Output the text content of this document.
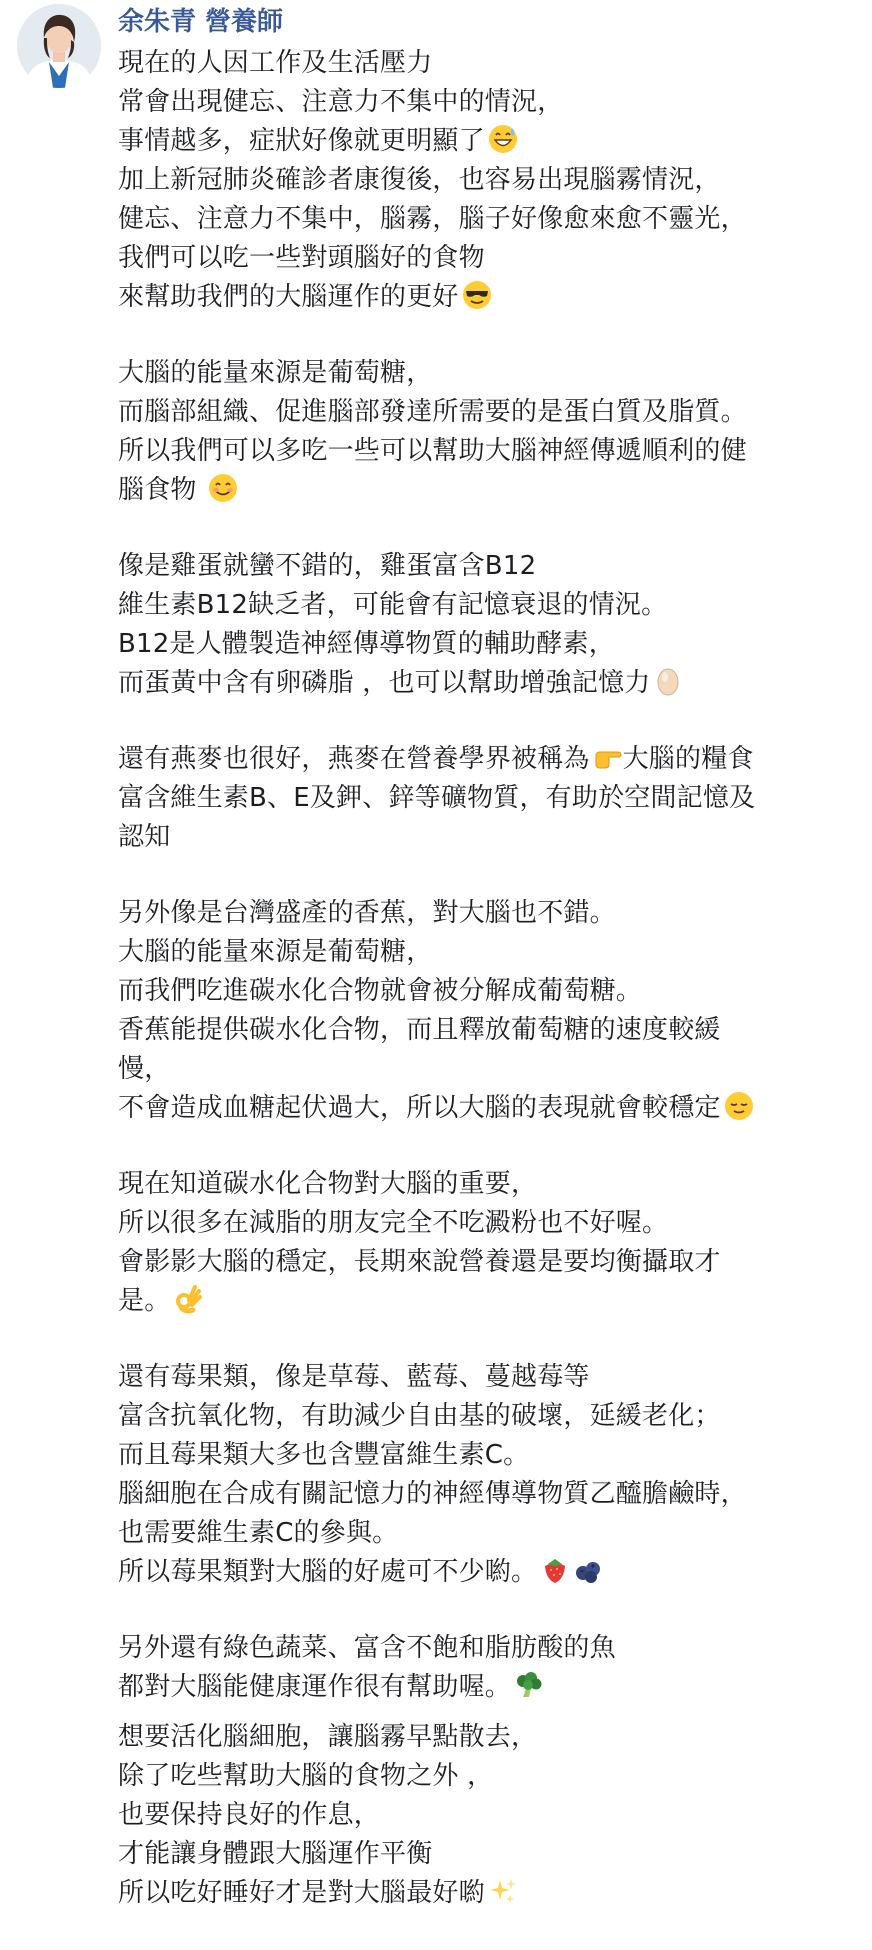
余朱青 營養師
現在的人因工作及生活壓力
常會出現健忘、注意力不集中的情況，
事情越多，症狀好像就更明顯了
加上新冠肺炎確診者康復後，也容易出現腦霧情況，
健忘、注意力不集中，腦霧，腦子好像愈來愈不靈光，
我們可以吃一些對頭腦好的食物
來幫助我們的大腦運作的更好
大腦的能量來源是葡萄糖，
而腦部組織、促進腦部發達所需要的是蛋白質及脂質。
所以我們可以多吃一些可以幫助大腦神經傳遞順利的健
腦食物
像是雞蛋就蠻不錯的，雞蛋富含B12
維生素B12缺乏者，可能會有記憶衰退的情況。
B12是人體製造神經傳導物質的輔助酵素，
而蛋黃中含有卵磷脂 ，也可以幫助增強記憶力
還有燕麥也很好，燕麥在營養學界被稱為 大腦的糧食
富含維生素B、E及鉀、鋅等礦物質，有助於空間記憶及
認知
另外像是台灣盛產的香蕉，對大腦也不錯。
大腦的能量來源是葡萄糖，
而我們吃進碳水化合物就會被分解成葡萄糖。
香蕉能提供碳水化合物，而且釋放葡萄糖的速度較緩
慢，
不會造成血糖起伏過大，所以大腦的表現就會較穩定
現在知道碳水化合物對大腦的重要，
所以很多在減脂的朋友完全不吃澱粉也不好喔。
會影影大腦的穩定，長期來說營養還是要均衡攝取才
是。
還有莓果類，像是草莓、藍莓、蔓越莓等
富含抗氧化物，有助減少自由基的破壞，延緩老化；
而且莓果類大多也含豐富維生素C。
腦細胞在合成有關記憶力的神經傳導物質乙醯膽鹼時，
也需要維生素C的參與。
所以莓果類對大腦的好處可不少喲。
另外還有綠色蔬菜、富含不飽和脂肪酸的魚
都對大腦能健康運作很有幫助喔。
想要活化腦細胞，讓腦霧早點散去，
除了吃些幫助大腦的食物之外 ，
也要保持良好的作息，
才能讓身體跟大腦運作平衡
所以吃好睡好才是對大腦最好喲
